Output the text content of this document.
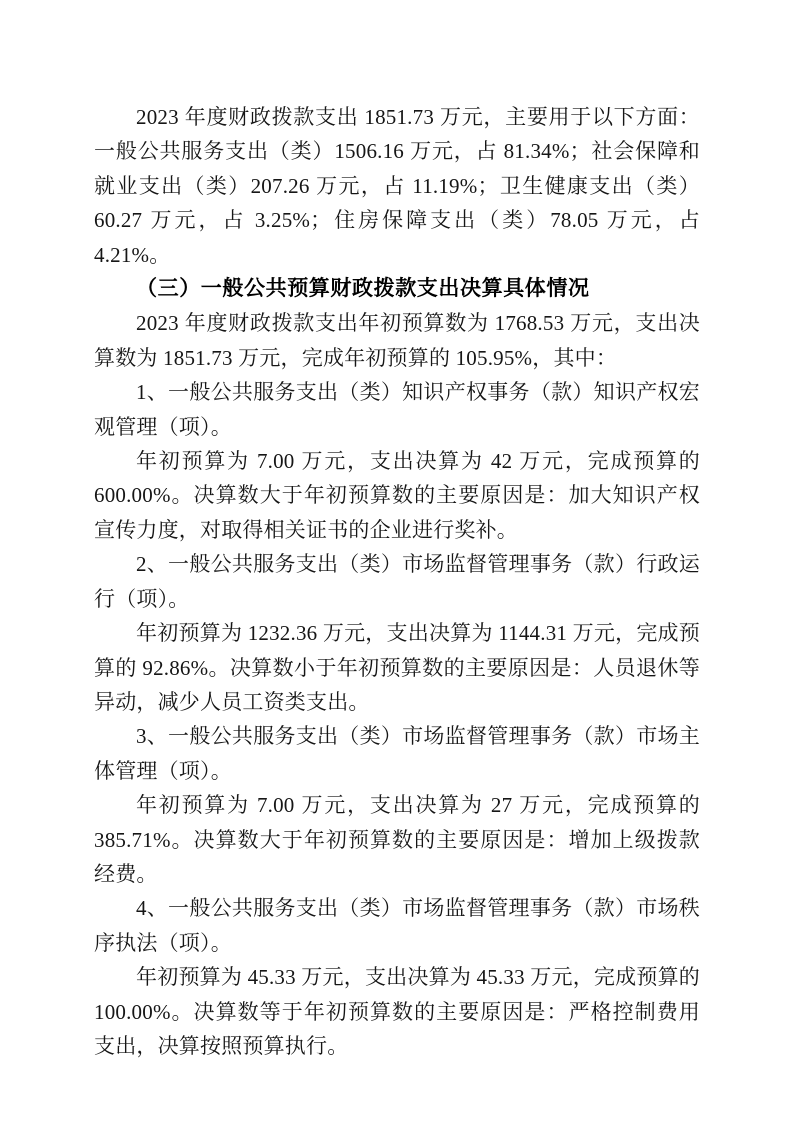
2023 年度财政拨款支出 1851.73 万元，主要用于以下方面：一般公共服务支出（类）1506.16 万元，占 81.34%；社会保障和就业支出（类）207.26 万元，占 11.19%；卫生健康支出（类）60.27 万元，占 3.25%；住房保障支出（类）78.05 万元，占 4.21%。

（三）一般公共预算财政拨款支出决算具体情况

2023 年度财政拨款支出年初预算数为 1768.53 万元，支出决算数为 1851.73 万元，完成年初预算的 105.95%，其中：

1、一般公共服务支出（类）知识产权事务（款）知识产权宏观管理（项）。

年初预算为 7.00 万元，支出决算为 42 万元，完成预算的 600.00%。决算数大于年初预算数的主要原因是：加大知识产权宣传力度，对取得相关证书的企业进行奖补。

2、一般公共服务支出（类）市场监督管理事务（款）行政运行（项）。

年初预算为 1232.36 万元，支出决算为 1144.31 万元，完成预算的 92.86%。决算数小于年初预算数的主要原因是：人员退休等异动，减少人员工资类支出。

3、一般公共服务支出（类）市场监督管理事务（款）市场主体管理（项）。

年初预算为 7.00 万元，支出决算为 27 万元，完成预算的 385.71%。决算数大于年初预算数的主要原因是：增加上级拨款经费。

4、一般公共服务支出（类）市场监督管理事务（款）市场秩序执法（项）。

年初预算为 45.33 万元，支出决算为 45.33 万元，完成预算的 100.00%。决算数等于年初预算数的主要原因是：严格控制费用支出，决算按照预算执行。
